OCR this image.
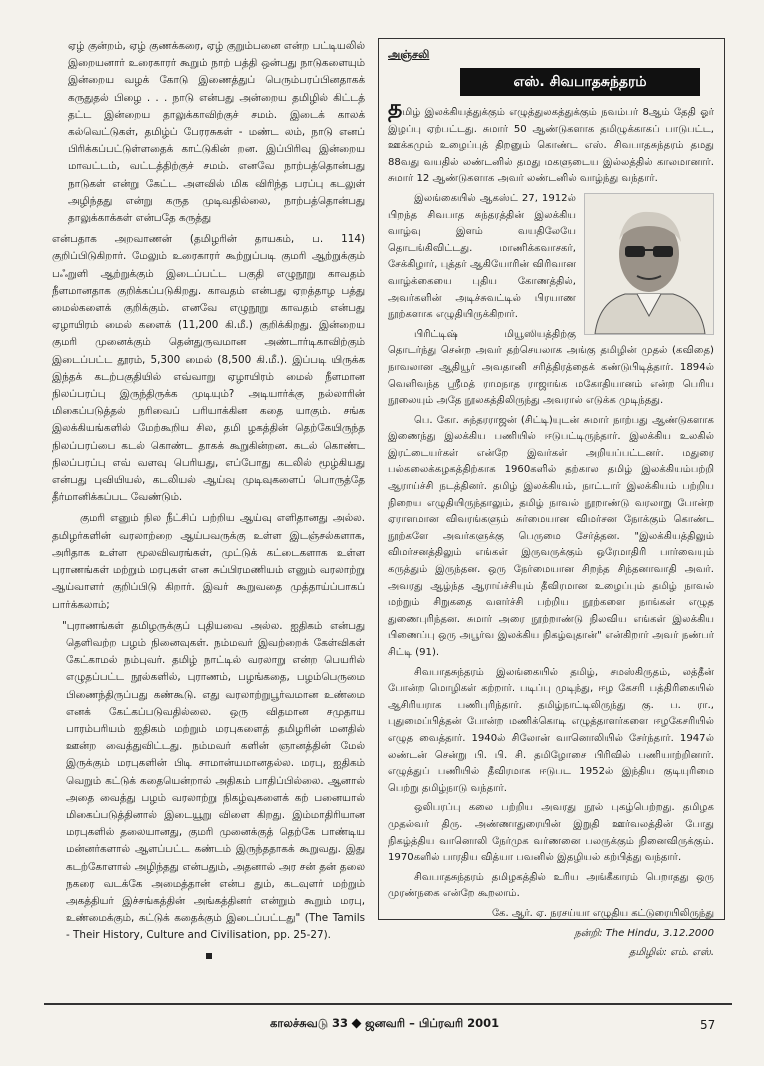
ஏழ் குன்றம், ஏழ் குணக்கரை, ஏழ் குறும்பனை என்ற பட்டியலில் இறையனார் உரைகாரர் கூறும் நாற் பத்தி ஒன்பது நாடுகளையும் இன்றைய வழக் கோடு இணைத்துப் பெரும்பரப்பினதாகக் கருதுதல் பிழை . . . நாடு என்பது அன்றைய தமிழில் கிட்டத் தட்ட இன்றைய தாலுக்காவிற்குச் சமம். இடைக் காலக் கல்வெட்டுகள், தமிழ்ப் பேரரசுகள் - மண்ட லம், நாடு எனப் பிரிக்கப்பட்டுள்ளதைக் காட்டுகின் றன. இப்பிரிவு இன்றைய மாவட்டம், வட்டத்திற்குச் சமம். எனவே நாற்பத்தொன்பது நாடுகள் என்று கேட்ட அளவில் மிக விரிந்த பரப்பு கடலுள் அழிந்தது என்று கருத முடிவதில்லை, நாற்பத்தொன்பது தாலுக்காக்கள் என்பதே கருத்து

என்பதாக அறவாணன் (தமிழரின் தாயகம், ப. 114) குறிப்பிடுகிறார். மேலும் உரைகாரர் கூற்றுப்படி குமரி ஆற்றுக்கும் பஃறுளி ஆற்றுக்கும் இடைப்பட்ட பகுதி எழுநூறு காவதம் நீளமானதாக குறிக்கப்படுகிறது. காவதம் என்பது ஏறத்தாழ பத்து மைல்களைக் குறிக்கும். எனவே எழுநூறு காவதம் என்பது ஏழாயிரம் மைல் களைக் (11,200 கி.மீ.) குறிக்கிறது. இன்றைய குமரி முனைக்கும் தென்துருவமான அண்டார்டிகாவிற்கும் இடைப்பட்ட தூரம், 5,300 மைல் (8,500 கி.மீ.). இப்படி யிருக்க இந்தக் கடற்பகுதியில் எவ்வாறு ஏழாயிரம் மைல் நீளமான நிலப்பரப்பு இருந்திருக்க முடியும்? அடியார்க்கு நல்லாரின் மிகைப்படுத்தல் நரிவைப் பரியாக்கின கதை யாகும். சங்க இலக்கியங்களில் மேற்கூறிய சில, தமி ழகத்தின் தெற்கேயிருந்த நிலப்பரப்பை கடல் கொண்ட தாகக் கூறுகின்றன. கடல் கொண்ட நிலப்பரப்பு எவ் வளவு பெரியது, எப்போது கடலில் மூழ்கியது என்பது புவியியல், கடலியல் ஆய்வு முடிவுகளைப் பொருத்தே தீர்மானிக்கப்பட வேண்டும்.

குமரி எனும் நில நீட்சிப் பற்றிய ஆய்வு எளிதானது அல்ல. தமிழர்களின் வரலாற்றை ஆய்பவருக்கு உள்ள இடஞ்சல்களாக, அரிதாக உள்ள மூலவிவரங்கள், முட்டுக் கட்டைகளாக உள்ள புராணங்கள் மற்றும் மரபுகள் என சுப்பிரமணியம் எனும் வரலாற்று ஆய்வாளர் குறிப்பிடு கிறார். இவர் கூறுவதை முத்தாய்ப்பாகப் பார்க்கலாம்;

"புராணங்கள் தமிழருக்குப் புதியவை அல்ல. ஐதிகம் என்பது தெளிவற்ற பழம் நினைவுகள். நம்மவர் இவற்றைக் கேள்விகள் கேட்காமல் நம்புவர். தமிழ் நாட்டில் வரலாறு என்ற பெயரில் எழுதப்பட்ட நூல்களில், புராணம், பழங்கதை, பழம்பெருமை பிணைந்திருப்பது கண்கூடு. எது வரலாற்றுபூர்வமான உண்மை எனக் கேட்கப்படுவதில்லை. ஒரு விதமான சமுதாய பாரம்பரியம் ஐதிகம் மற்றும் மரபுகளைத் தமிழரின் மனதில் ஊன்ற வைத்துவிட்டது. நம்மவர் களின் ஞானத்தின் மேல் இருக்கும் மரபுகளின் பிடி சாமான்யமானதல்ல. மரபு, ஐதிகம் வெறும் கட்டுக் கதையென்றால் அதிகம் பாதிப்பில்லை. ஆனால் அதை வைத்து பழம் வரலாற்று நிகழ்வுகளைக் கற் பனையால் மிகைப்படுத்தினால் இடையூறு விளை கிறது. இம்மாதிரியான மரபுகளில் தலையானது, குமரி முனைக்குத் தெற்கே பாண்டிய மன்னர்களால் ஆளப்பட்ட கண்டம் இருந்ததாகக் கூறுவது. இது கடற்கோளால் அழிந்தது என்பதும், அதனால் அர சன் தன் தலை நகரை வடக்கே அமைத்தான் என்ப தும், கடவுளர் மற்றும் அகத்தியர் இச்சங்கத்தின் அங்கத்தினர் என்றும் கூறும் மரபு, உண்மைக்கும், கட்டுக் கதைக்கும் இடைப்பட்டது" (The Tamils - Their History, Culture and Civilisation, pp. 25-27).

அஞ்சலி
எஸ். சிவபாதசுந்தரம்

தமிழ் இலக்கியத்துக்கும் எழுத்துலகத்துக்கும் நவம்பர் 8ஆம் தேதி ஓர் இழப்பு ஏற்பட்டது. சுமார் 50 ஆண்டுகளாக தமிழுக்காகப் பாடுபட்ட, ஊக்கமும் உழைப்புத் திறனும் கொண்ட எஸ். சிவபாதசுந்தரம் தமது 88வது வயதில் லண்டனில் தமது மகளுடைய இல்லத்தில் காலமானார். சுமார் 12 ஆண்டுகளாக அவர் லண்டனில் வாழ்ந்து வந்தார்.

இலங்கையில் ஆகஸ்ட் 27, 1912ல் பிறந்த சிவபாத சுந்தரத்தின் இலக்கிய வாழ்வு இளம் வயதிலேயே தொடங்கிவிட்டது. மாணிக்கவாசகர், சேக்கிழார், புத்தர் ஆகியோரின் விரிவான வாழ்க்கையை புதிய கோணத்தில், அவர்களின் அடிச்சுவட்டில் பிரயாண நூற்களாக எழுதியிருக்கிறார்.

பிரிட்டிஷ் மியூஸியத்திற்கு தொடர்ந்து சென்ற அவர் தற்செயலாக அங்கு தமிழின் முதல் (கவிதை) நாவலான ஆதியூர் அவதானி சரித்திரத்தைக் கண்டுபிடித்தார். 1894ல் வெளிவந்த ஸ்ரீமத் ராமநாத ராஜாங்க மகோதியானம் என்ற பெரிய நூலையும் அதே நூலகத்திலிருந்து அவரால் எடுக்க முடிந்தது.

பெ. கோ. சுந்தரராஜன் (சிட்டி)யுடன் சுமார் நாற்பது ஆண்டுகளாக இணைந்து இலக்கிய பணியில் ஈடுபட்டிருந்தார். இலக்கிய உலகில் இரட்டையர்கள் என்றே இவர்கள் அறியப்பட்டனர். மதுரை பல்கலைக்கழகத்திற்காக 1960களில் தற்கால தமிழ் இலக்கியம்பற்றி ஆராய்ச்சி நடத்தினர். தமிழ் இலக்கியம், நாட்டார் இலக்கியம் பற்றிய நிறைய எழுதியிருந்தாலும், தமிழ் நாவல் நூறாண்டு வரலாறு போன்ற ஏராளமான விவரங்களும் சுர்மையான விமர்சன நோக்கும் கொண்ட நூற்களே அவர்களுக்கு பெருமை சேர்த்தன. "இலக்கியத்திலும் விமர்சனத்திலும் எங்கள் இருவருக்கும் ஒரேமாதிரி பார்வையும் கருத்தும் இருந்தன. ஒரு நேர்மையான சிறந்த சிந்தனாவாதி அவர். அவரது ஆழ்ந்த ஆராய்ச்சியும் தீவிரமான உழைப்பும் தமிழ் நாவல் மற்றும் சிறுகதை வளர்ச்சி பற்றிய நூற்களை நாங்கள் எழுத துணைபுரிந்தன. சுமார் அரை நூற்றாண்டு நிலவிய எங்கள் இலக்கிய பிணைப்பு ஒரு அபூர்வ இலக்கிய நிகழ்வுதான்" என்கிறார் அவர் நண்பர் சிட்டி (91).

சிவபாதசுந்தரம் இலங்கையில் தமிழ், சமஸ்கிருதம், லத்தீன் போன்ற மொழிகள் கற்றார். படிப்பு முடிந்து, ஈழ கேசரி பத்திரிகையில் ஆசிரியராக பணிபுரிந்தார். தமிழ்நாட்டிலிருந்து கு. ப. ரா., புதுமைப்பித்தன் போன்ற மணிக்கொடி எழுத்தாளர்களை ஈழகேசரியில் எழுத வைத்தார். 1940ல் சிலோன் வானொலியில் சேர்ந்தார். 1947ல் லண்டன் சென்று பி. பி. சி. தமிழோசை பிரிவில் பணியாற்றினார். எழுத்துப் பணியில் தீவிரமாக ஈடுபட 1952ல் இந்திய குடியுரிமை பெற்று தமிழ்நாடு வந்தார்.

ஒலிபரப்பு கலை பற்றிய அவரது நூல் புகழ்பெற்றது. தமிழக முதல்வர் திரு. அண்ணாதுரையின் இறுதி ஊர்வலத்தின் போது நிகழ்த்திய வானொலி நேர்முக வர்ணனை பலருக்கும் நினைவிருக்கும். 1970களில் பாரதிய வித்யா பவனில் இதழியல் கற்பித்து வந்தார்.

சிவபாதசுந்தரம் தமிழகத்தில் உரிய அங்கீகாரம் பெறாதது ஒரு முரண்நகை என்றே கூறலாம்.

கே. ஆர். ஏ. நரசய்யா எழுதிய கட்டுரையிலிருந்து

நன்றி: The Hindu, 3.12.2000

தமிழில்: எம். எஸ்.

காலச்சுவடு 33 ஜனவரி – பிப்ரவரி 2001	57
